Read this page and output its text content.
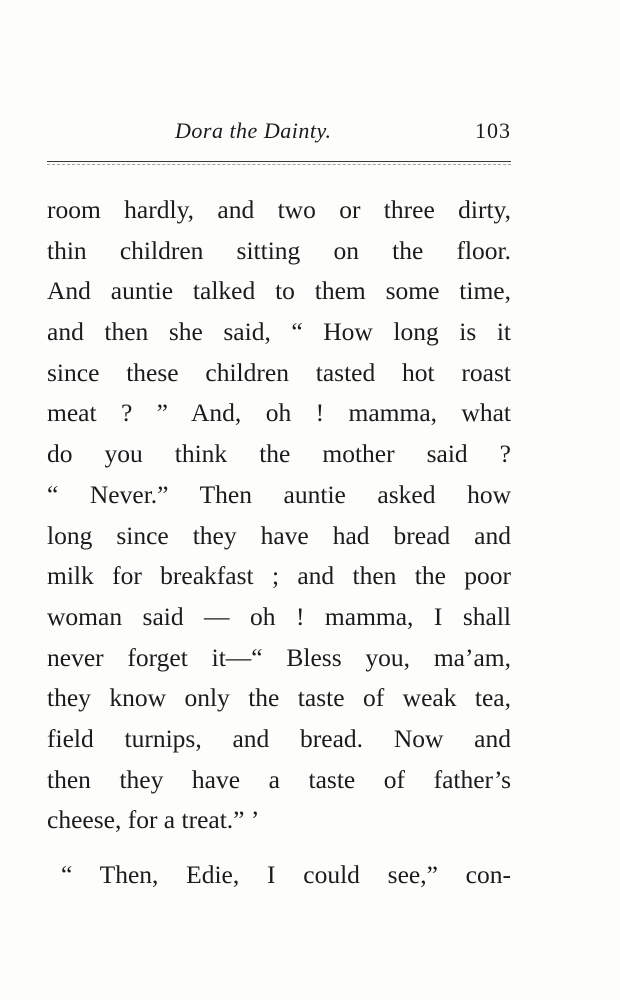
Dora the Dainty.	103
room hardly, and two or three dirty,
thin children sitting on the floor.
And auntie talked to them some time,
and then she said, “ How long is it
since these children tasted hot roast
meat ? ” And, oh ! mamma, what
do you think the mother said ?
“ Never.” Then auntie asked how
long since they have had bread and
milk for breakfast ; and then the poor
woman said — oh ! mamma, I shall
never forget it—“ Bless you, ma’am,
they know only the taste of weak tea,
field turnips, and bread. Now and
then they have a taste of father’s
cheese, for a treat.” ’
“ Then, Edie, I could see,” con-
